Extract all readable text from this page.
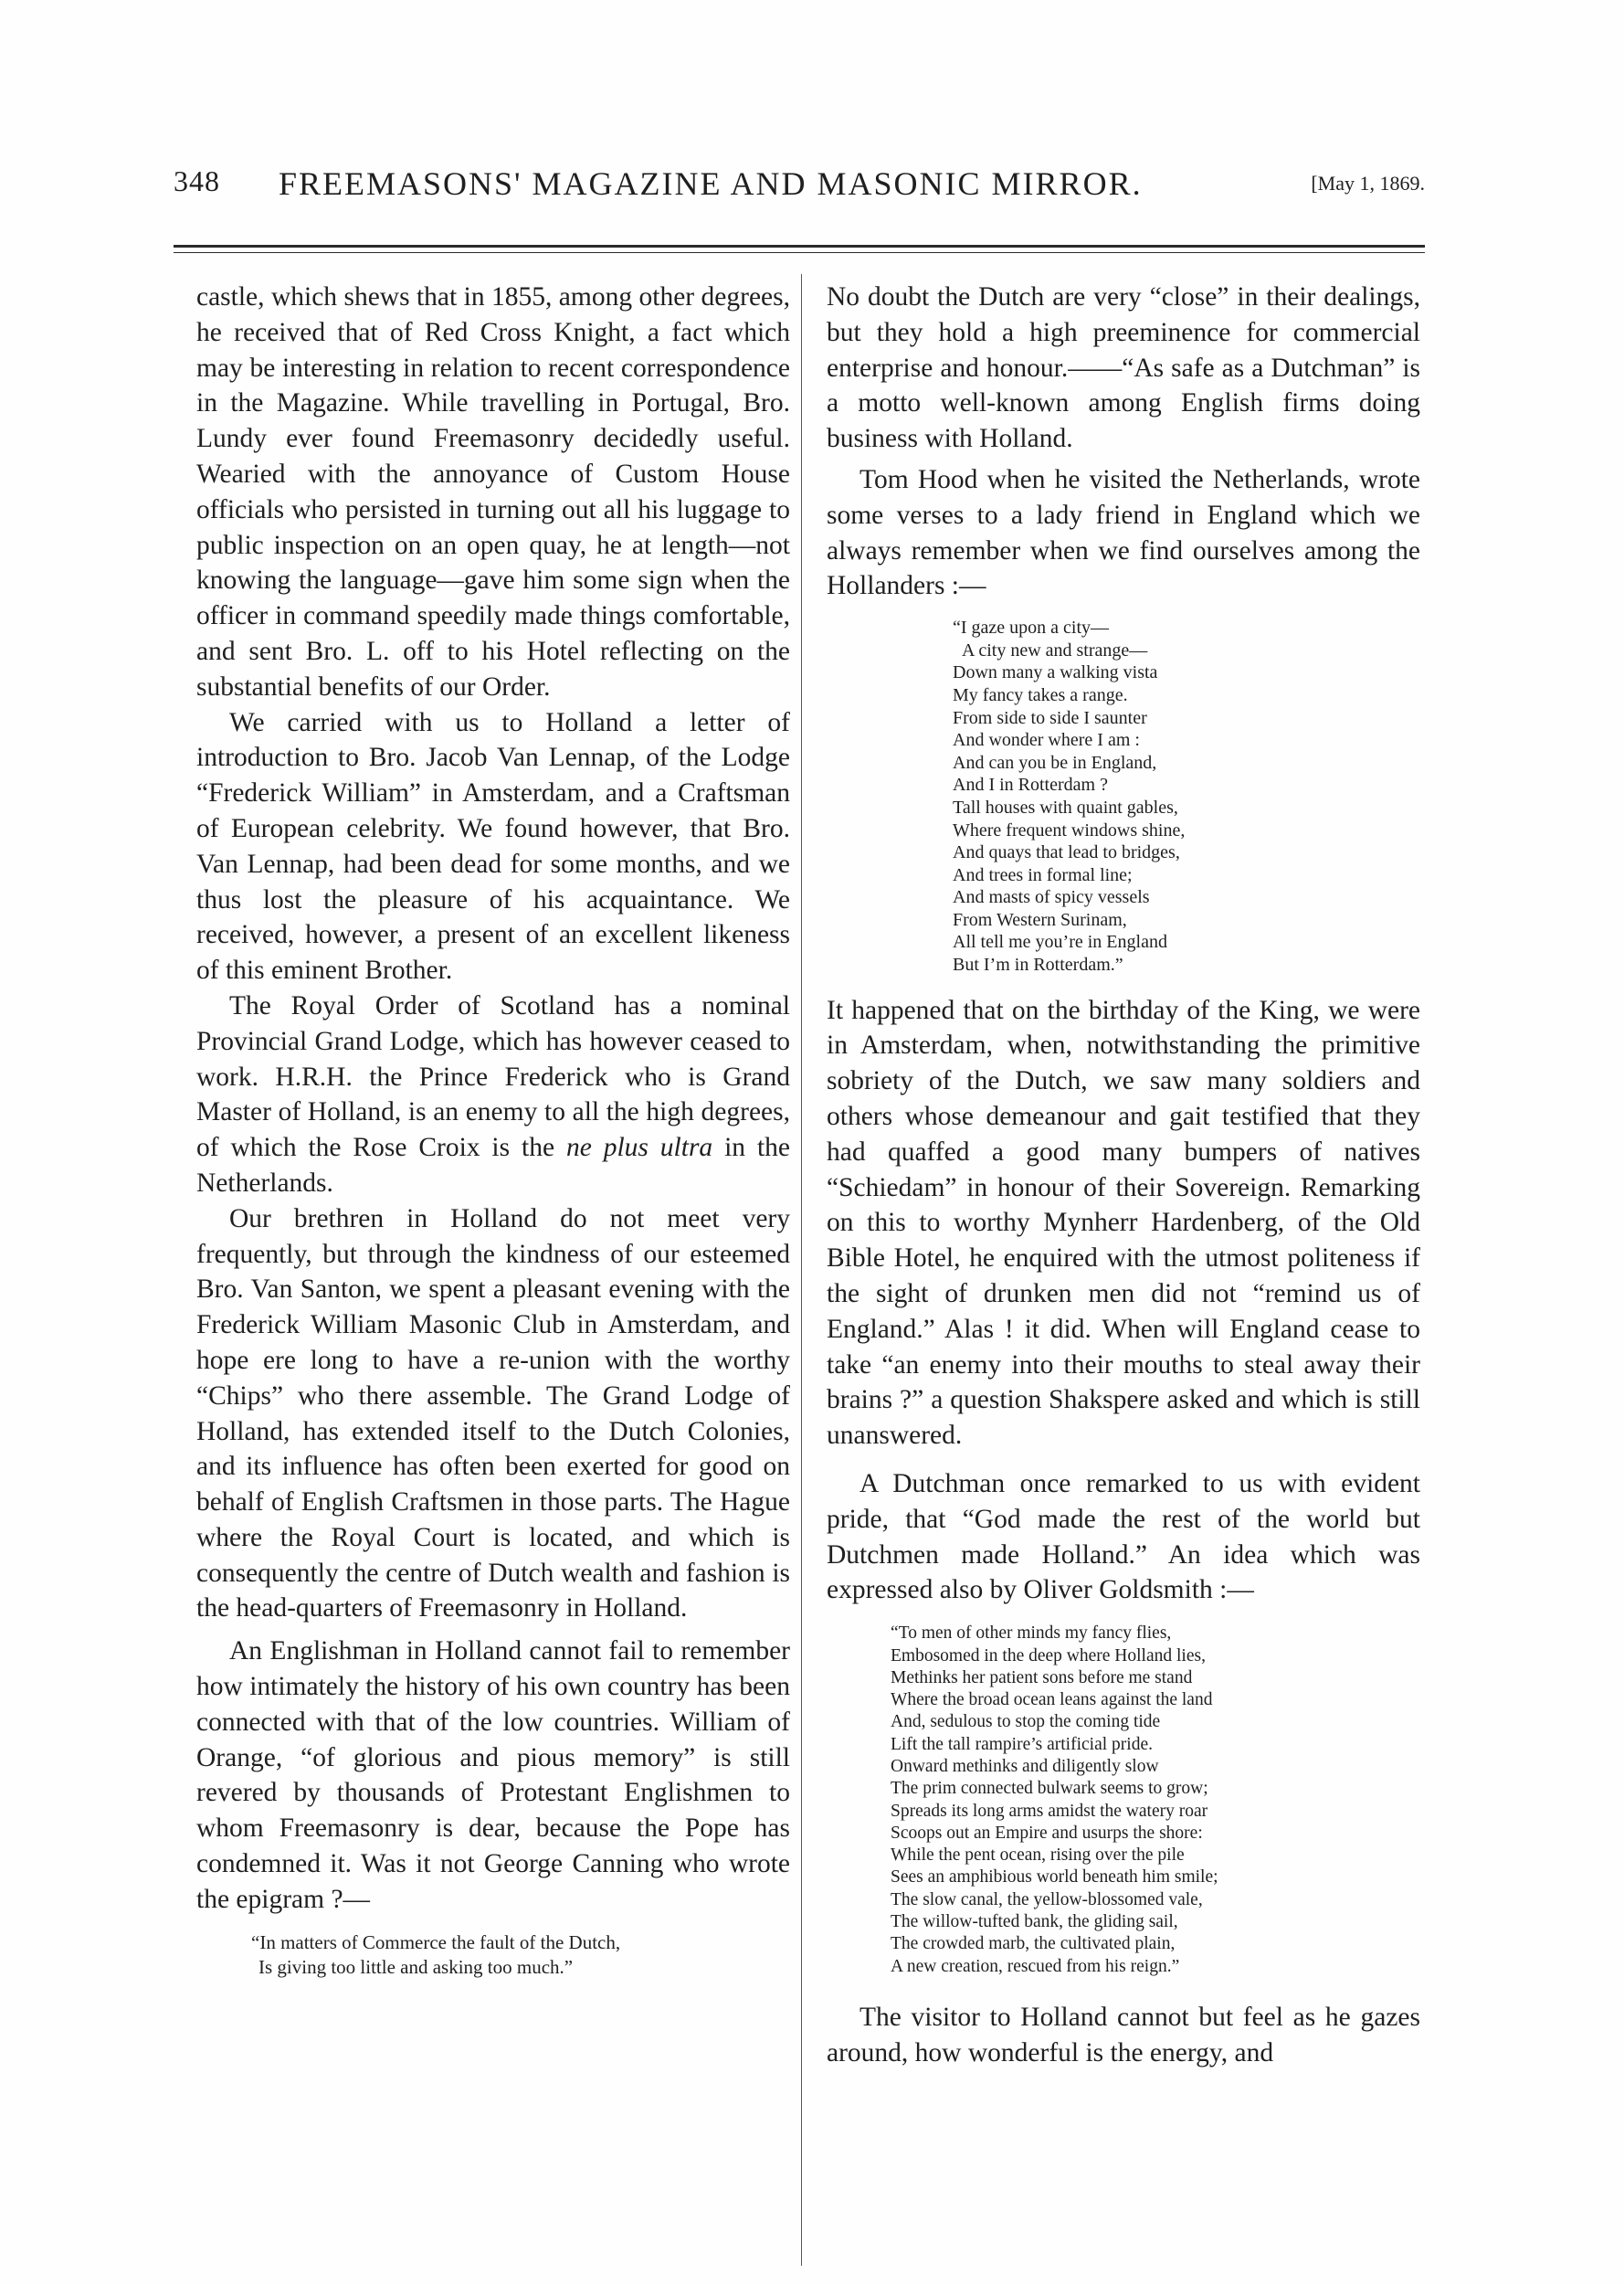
348 FREEMASONS' MAGAZINE AND MASONIC MIRROR.	[May 1, 1869.

castle, which shews that in 1855, among other degrees, he received that of Red Cross Knight, a fact which may be interesting in relation to recent correspondence in the Magazine. While travelling in Portugal, Bro. Lundy ever found Freemasonry decidedly useful. Wearied with the annoyance of Custom House officials who persisted in turning out all his luggage to public inspection on an open quay, he at length—not knowing the language—gave him some sign when the officer in command speedily made things comfortable, and sent Bro. L. off to his Hotel reflecting on the substantial benefits of our Order.

We carried with us to Holland a letter of introduction to Bro. Jacob Van Lennap, of the Lodge “Frederick William” in Amsterdam, and a Craftsman of European celebrity. We found however, that Bro. Van Lennap, had been dead for some months, and we thus lost the pleasure of his acquaintance. We received, however, a present of an excellent likeness of this eminent Brother.

The Royal Order of Scotland has a nominal Provincial Grand Lodge, which has however ceased to work. H.R.H. the Prince Frederick who is Grand Master of Holland, is an enemy to all the high degrees, of which the Rose Croix is the ne plus ultra in the Netherlands.

Our brethren in Holland do not meet very frequently, but through the kindness of our esteemed Bro. Van Santon, we spent a pleasant evening with the Frederick William Masonic Club in Amsterdam, and hope ere long to have a re-union with the worthy “Chips” who there assemble. The Grand Lodge of Holland, has extended itself to the Dutch Colonies, and its influence has often been exerted for good on behalf of English Craftsmen in those parts. The Hague where the Royal Court is located, and which is consequently the centre of Dutch wealth and fashion is the head-quarters of Freemasonry in Holland.

An Englishman in Holland cannot fail to remember how intimately the history of his own country has been connected with that of the low countries. William of Orange, “of glorious and pious memory” is still revered by thousands of Protestant Englishmen to whom Freemasonry is dear, because the Pope has condemned it. Was it not George Canning who wrote the epigram ?—

“In matters of Commerce the fault of the Dutch,
Is giving too little and asking too much.”

No doubt the Dutch are very “close” in their dealings, but they hold a high preeminence for commercial enterprise and honour.——“As safe as a Dutchman” is a motto well-known among English firms doing business with Holland.

Tom Hood when he visited the Netherlands, wrote some verses to a lady friend in England which we always remember when we find ourselves among the Hollanders :—

“I gaze upon a city—
A city new and strange—
Down many a walking vista
My fancy takes a range.
From side to side I saunter
And wonder where I am :
And can you be in England,
And I in Rotterdam ?
Tall houses with quaint gables,
Where frequent windows shine,
And quays that lead to bridges,
And trees in formal line;
And masts of spicy vessels
From Western Surinam,
All tell me you’re in England
But I’m in Rotterdam.”

It happened that on the birthday of the King, we were in Amsterdam, when, notwithstanding the primitive sobriety of the Dutch, we saw many soldiers and others whose demeanour and gait testified that they had quaffed a good many bumpers of natives “Schiedam” in honour of their Sovereign. Remarking on this to worthy Mynherr Hardenberg, of the Old Bible Hotel, he enquired with the utmost politeness if the sight of drunken men did not “remind us of England.” Alas ! it did. When will England cease to take “an enemy into their mouths to steal away their brains ?” a question Shakspere asked and which is still unanswered.

A Dutchman once remarked to us with evident pride, that “God made the rest of the world but Dutchmen made Holland.” An idea which was expressed also by Oliver Goldsmith :—

“To men of other minds my fancy flies,
Embosomed in the deep where Holland lies,
Methinks her patient sons before me stand
Where the broad ocean leans against the land
And, sedulous to stop the coming tide
Lift the tall rampire’s artificial pride.
Onward methinks and diligently slow
The prim connected bulwark seems to grow;
Spreads its long arms amidst the watery roar
Scoops out an Empire and usurps the shore:
While the pent ocean, rising over the pile
Sees an amphibious world beneath him smile;
The slow canal, the yellow-blossomed vale,
The willow-tufted bank, the gliding sail,
The crowded marb, the cultivated plain,
A new creation, rescued from his reign.”

The visitor to Holland cannot but feel as he gazes around, how wonderful is the energy, and
